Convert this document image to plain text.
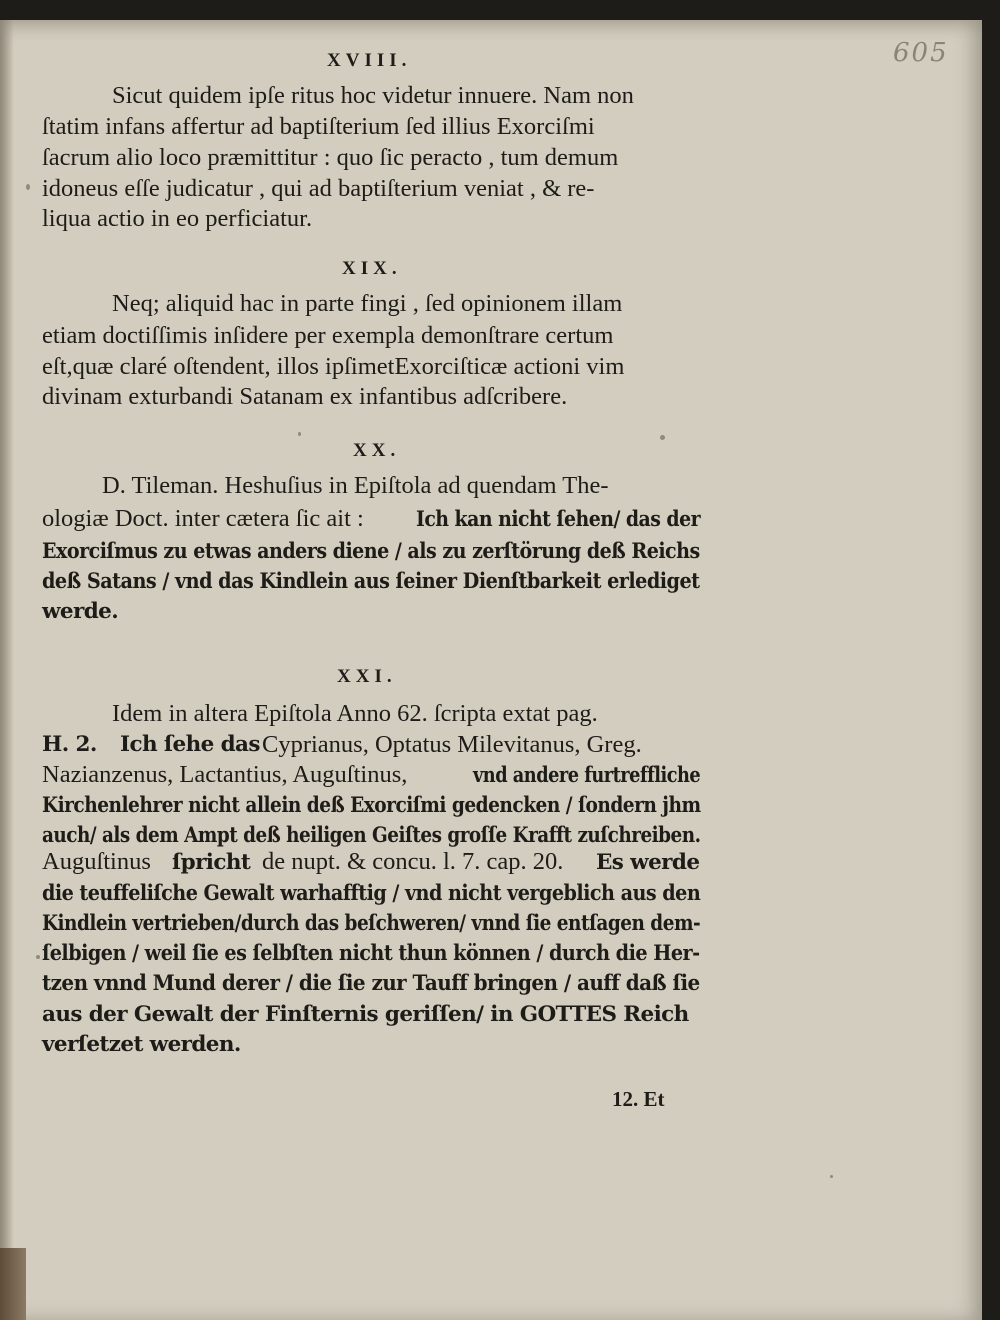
605
XVIII.
Sicut quidem ipſe ritus hoc videtur innuere. Nam non
ſtatim infans affertur ad baptiſterium ſed illius Exorciſmi
ſacrum alio loco præmittitur : quo ſic peracto , tum demum
idoneus eſſe judicatur , qui ad baptiſterium veniat , & re-
liqua actio in eo perficiatur.
XIX.
Neq; aliquid hac in parte fingi , ſed opinionem illam
etiam doctiſſimis inſidere per exempla demonſtrare certum
eſt,quæ claré oſtendent, illos ipſimetExorciſticæ actioni vim
divinam exturbandi Satanam ex infantibus adſcribere.
XX.
D. Tileman. Heshuſius in Epiſtola ad quendam The-
ologiæ Doct. inter cætera ſic ait : Ich kan nicht ſehen/ das der
Exorciſmus zu etwas anders diene / als zu zerſtörung deß Reichs
deß Satans / vnd das Kindlein aus ſeiner Dienſtbarkeit erlediget
werde.
XXI.
Idem in altera Epiſtola Anno 62. ſcripta extat pag.
H. 2. Ich ſehe das Cyprianus, Optatus Milevitanus, Greg.
Nazianzenus, Lactantius, Auguſtinus,	vnd andere furtreffliche
Kirchenlehrer nicht allein deß Exorciſmi gedencken / ſondern jhm
auch/ als dem Ampt deß heiligen Geiſtes groſſe Krafft zuſchreiben.
Auguſtinus ſpricht de nupt. & concu. l. 7. cap. 20. Es werde
die teuffeliſche Gewalt warhafftig / vnd nicht vergeblich aus den
Kindlein vertrieben/durch das beſchweren/ vnnd ſie entſagen dem-
ſelbigen / weil ſie es ſelbſten nicht thun können / durch die Her-
tzen vnnd Mund derer / die ſie zur Tauff bringen / auff daß ſie
aus der Gewalt der Finſternis geriſſen/ in GOTTES Reich
verſetzet werden.
12. Et
